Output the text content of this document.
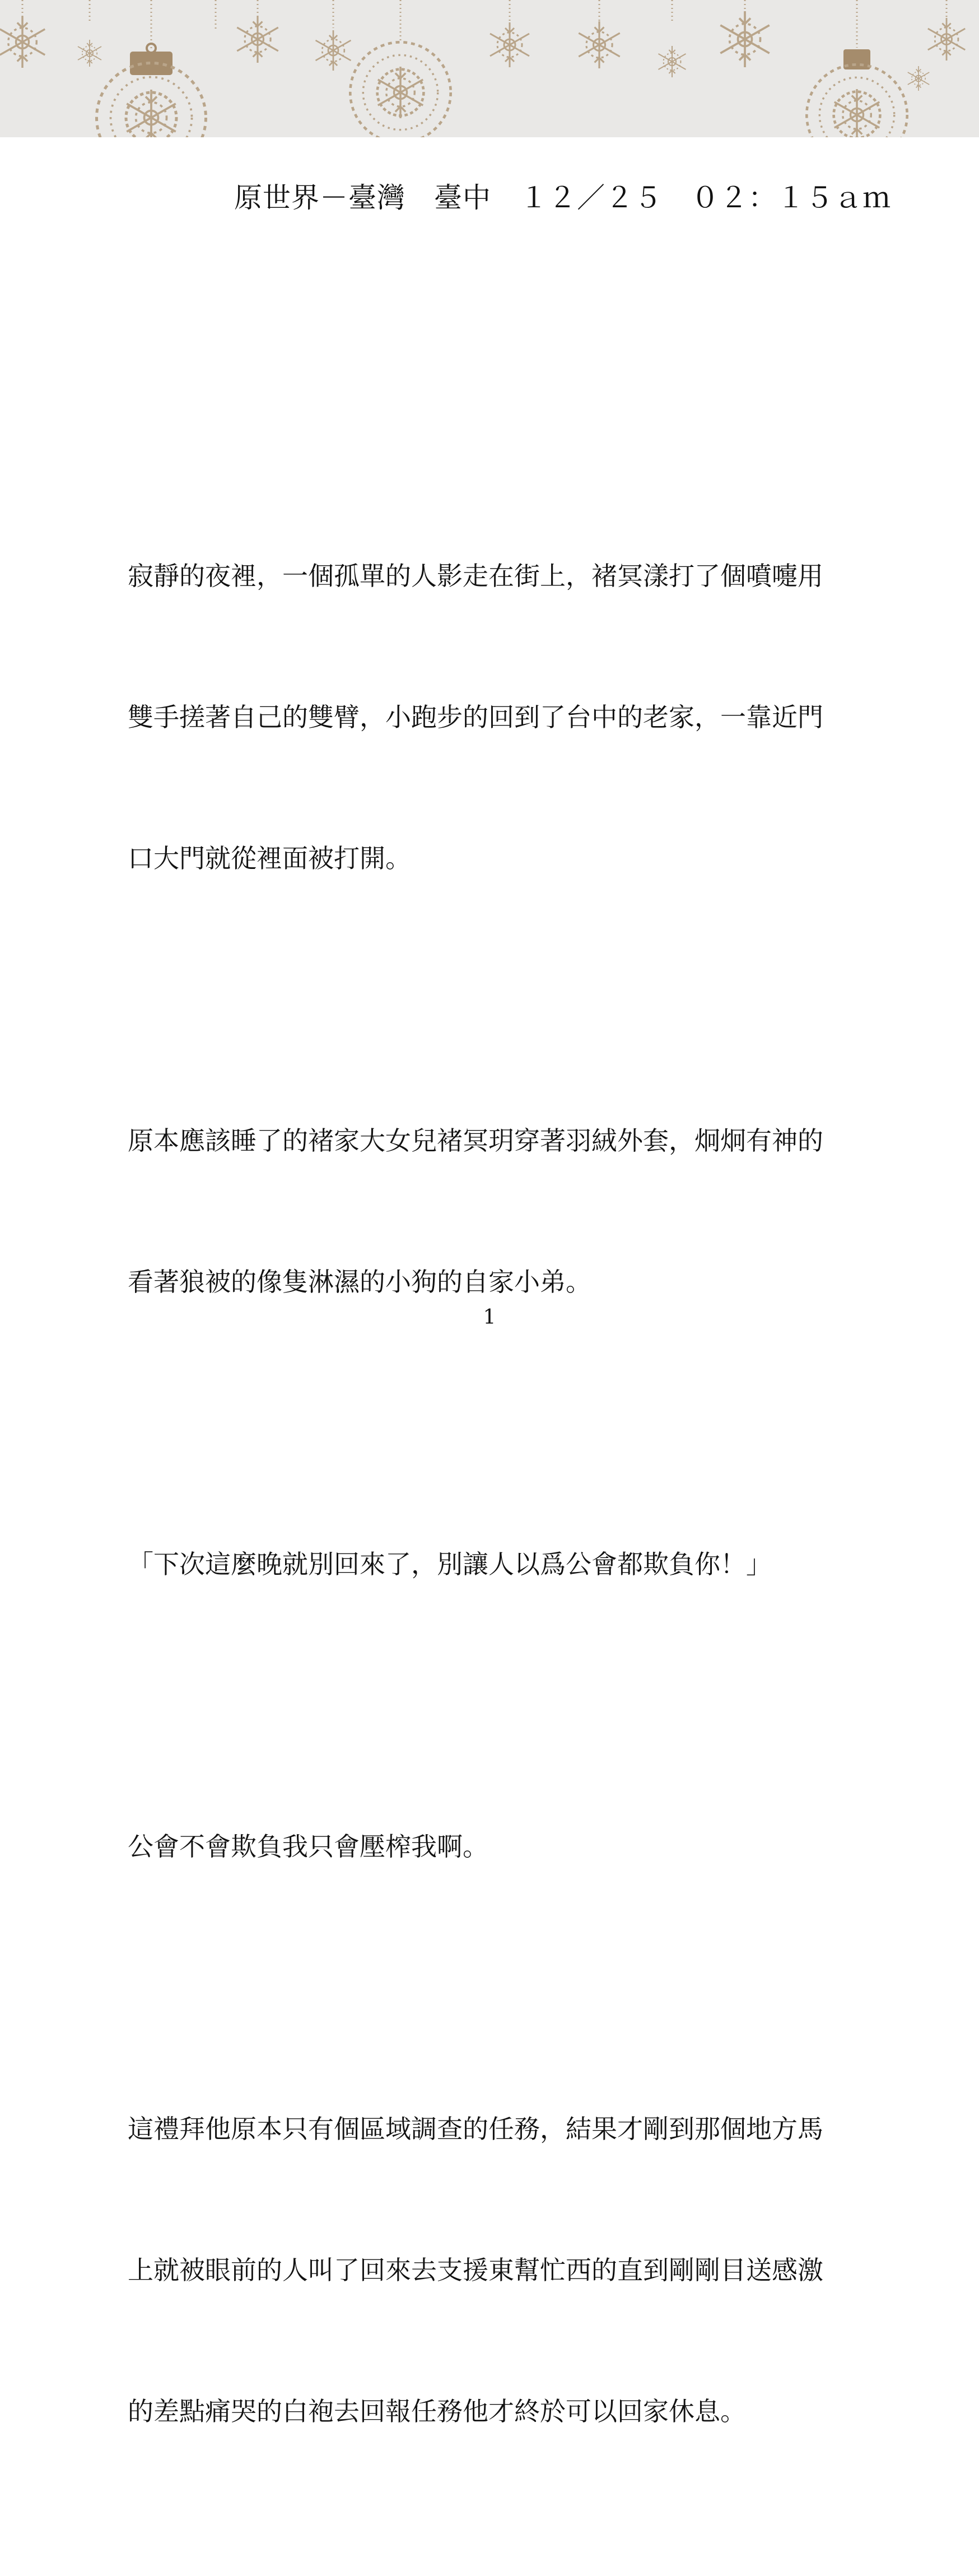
原世界－臺灣　臺中　１２／２５　０２：１５ａｍ

寂靜的夜裡，一個孤單的人影走在街上，褚冥漾打了個噴嚏用

雙手搓著自己的雙臂，小跑步的回到了台中的老家，一靠近門

口大門就從裡面被打開。

原本應該睡了的褚家大女兒褚冥玥穿著羽絨外套，炯炯有神的

看著狼被的像隻淋濕的小狗的自家小弟。

「下次這麼晚就別回來了，別讓人以爲公會都欺負你！」

公會不會欺負我只會壓榨我啊。

這禮拜他原本只有個區域調查的任務，結果才剛到那個地方馬

上就被眼前的人叫了回來去支援東幫忙西的直到剛剛目送感激

的差點痛哭的白袍去回報任務他才終於可以回家休息。

1
